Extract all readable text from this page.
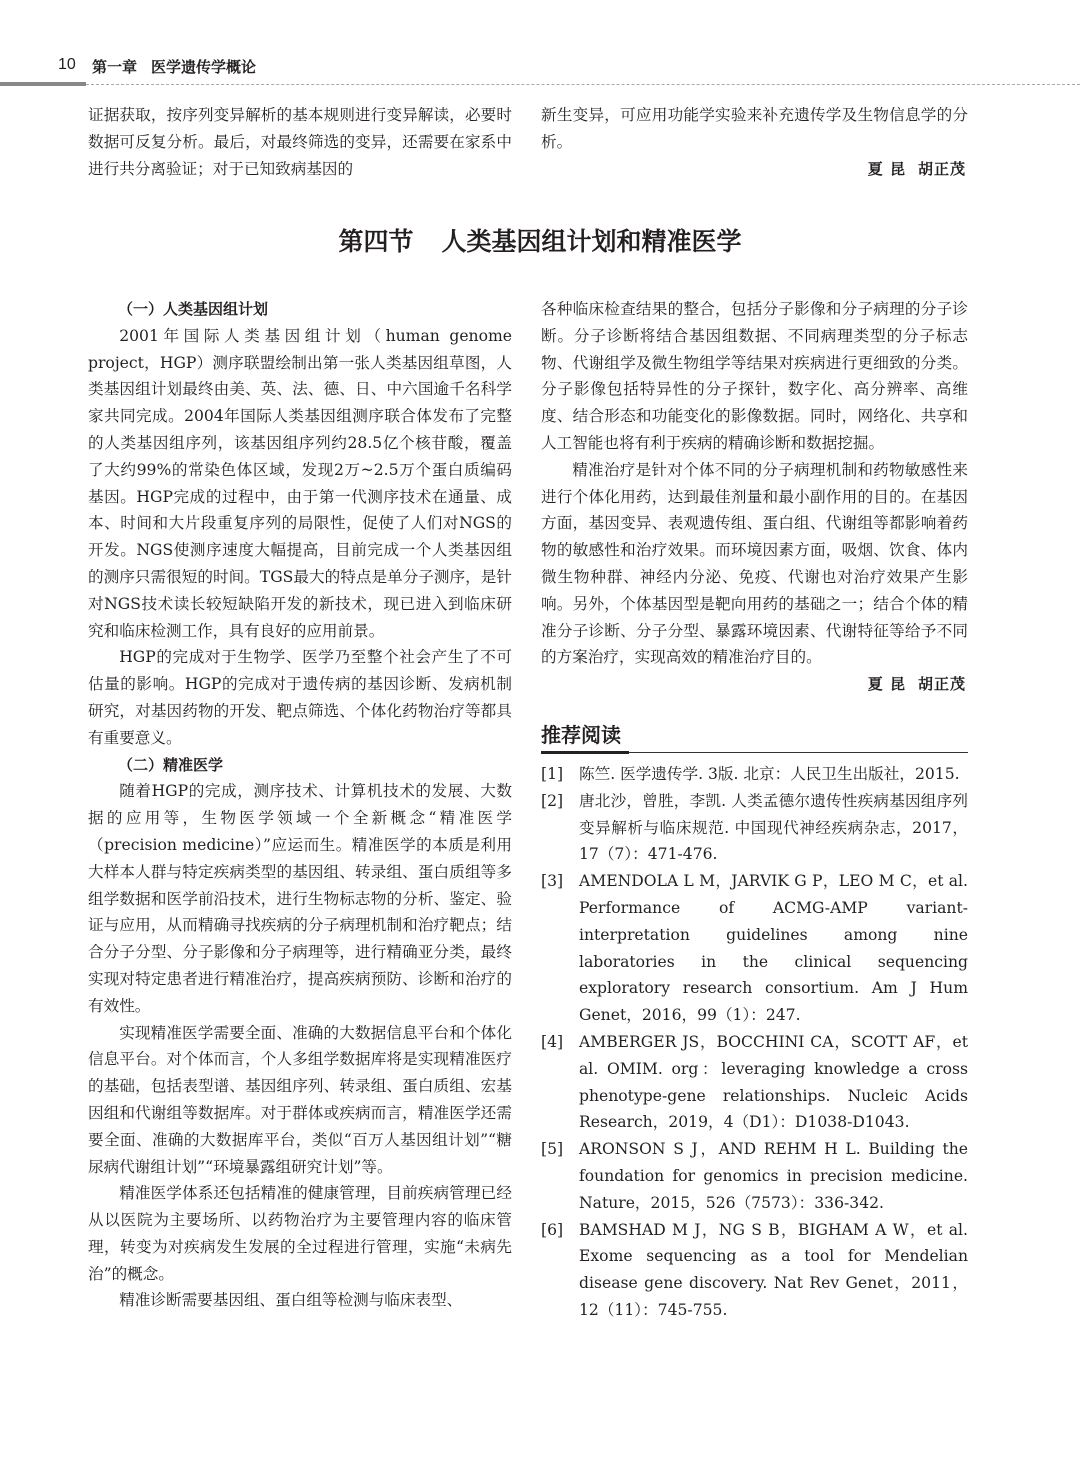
10 第一章 医学遗传学概论

证据获取，按序列变异解析的基本规则进行变异解读，必要时数据可反复分析。最后，对最终筛选的变异，还需要在家系中进行共分离验证；对于已知致病基因的

新生变异，可应用功能学实验来补充遗传学及生物信息学的分析。

夏 昆 胡正茂

第四节 人类基因组计划和精准医学

（一）人类基因组计划

2001年国际人类基因组计划（human genome project，HGP）测序联盟绘制出第一张人类基因组草图，人类基因组计划最终由美、英、法、德、日、中六国逾千名科学家共同完成。2004年国际人类基因组测序联合体发布了完整的人类基因组序列，该基因组序列约28.5亿个核苷酸，覆盖了大约99%的常染色体区域，发现2万~2.5万个蛋白质编码基因。HGP完成的过程中，由于第一代测序技术在通量、成本、时间和大片段重复序列的局限性，促使了人们对NGS的开发。NGS使测序速度大幅提高，目前完成一个人类基因组的测序只需很短的时间。TGS最大的特点是单分子测序，是针对NGS技术读长较短缺陷开发的新技术，现已进入到临床研究和临床检测工作，具有良好的应用前景。

HGP的完成对于生物学、医学乃至整个社会产生了不可估量的影响。HGP的完成对于遗传病的基因诊断、发病机制研究，对基因药物的开发、靶点筛选、个体化药物治疗等都具有重要意义。

（二）精准医学

随着HGP的完成，测序技术、计算机技术的发展、大数据的应用等，生物医学领域一个全新概念“精准医学（precision medicine）”应运而生。精准医学的本质是利用大样本人群与特定疾病类型的基因组、转录组、蛋白质组等多组学数据和医学前沿技术，进行生物标志物的分析、鉴定、验证与应用，从而精确寻找疾病的分子病理机制和治疗靶点；结合分子分型、分子影像和分子病理等，进行精确亚分类，最终实现对特定患者进行精准治疗，提高疾病预防、诊断和治疗的有效性。

实现精准医学需要全面、准确的大数据信息平台和个体化信息平台。对个体而言，个人多组学数据库将是实现精准医疗的基础，包括表型谱、基因组序列、转录组、蛋白质组、宏基因组和代谢组等数据库。对于群体或疾病而言，精准医学还需要全面、准确的大数据库平台，类似“百万人基因组计划”“糖尿病代谢组计划”“环境暴露组研究计划”等。

精准医学体系还包括精准的健康管理，目前疾病管理已经从以医院为主要场所、以药物治疗为主要管理内容的临床管理，转变为对疾病发生发展的全过程进行管理，实施“未病先治”的概念。

精准诊断需要基因组、蛋白组等检测与临床表型、

各种临床检查结果的整合，包括分子影像和分子病理的分子诊断。分子诊断将结合基因组数据、不同病理类型的分子标志物、代谢组学及微生物组学等结果对疾病进行更细致的分类。分子影像包括特异性的分子探针，数字化、高分辨率、高维度、结合形态和功能变化的影像数据。同时，网络化、共享和人工智能也将有利于疾病的精确诊断和数据挖掘。

精准治疗是针对个体不同的分子病理机制和药物敏感性来进行个体化用药，达到最佳剂量和最小副作用的目的。在基因方面，基因变异、表观遗传组、蛋白组、代谢组等都影响着药物的敏感性和治疗效果。而环境因素方面，吸烟、饮食、体内微生物种群、神经内分泌、免疫、代谢也对治疗效果产生影响。另外，个体基因型是靶向用药的基础之一；结合个体的精准分子诊断、分子分型、暴露环境因素、代谢特征等给予不同的方案治疗，实现高效的精准治疗目的。

夏 昆 胡正茂

推荐阅读
[1]	陈竺. 医学遗传学. 3版. 北京：人民卫生出版社，2015.
[2]	唐北沙，曾胜，李凯. 人类孟德尔遗传性疾病基因组序列变异解析与临床规范. 中国现代神经疾病杂志，2017，17（7）：471-476.
[3]	AMENDOLA L M，JARVIK G P，LEO M C，et al. Performance of ACMG-AMP variant-interpretation guidelines among nine laboratories in the clinical sequencing exploratory research consortium. Am J Hum Genet，2016，99（1）：247.
[4]	AMBERGER JS，BOCCHINI CA，SCOTT AF，et al. OMIM. org：leveraging knowledge a cross phenotype-gene relationships. Nucleic Acids Research，2019，4（D1）：D1038-D1043.
[5]	ARONSON S J，AND REHM H L. Building the foundation for genomics in precision medicine. Nature，2015，526（7573）：336-342.
[6]	BAMSHAD M J，NG S B，BIGHAM A W，et al. Exome sequencing as a tool for Mendelian disease gene discovery. Nat Rev Genet，2011，12（11）：745-755.
